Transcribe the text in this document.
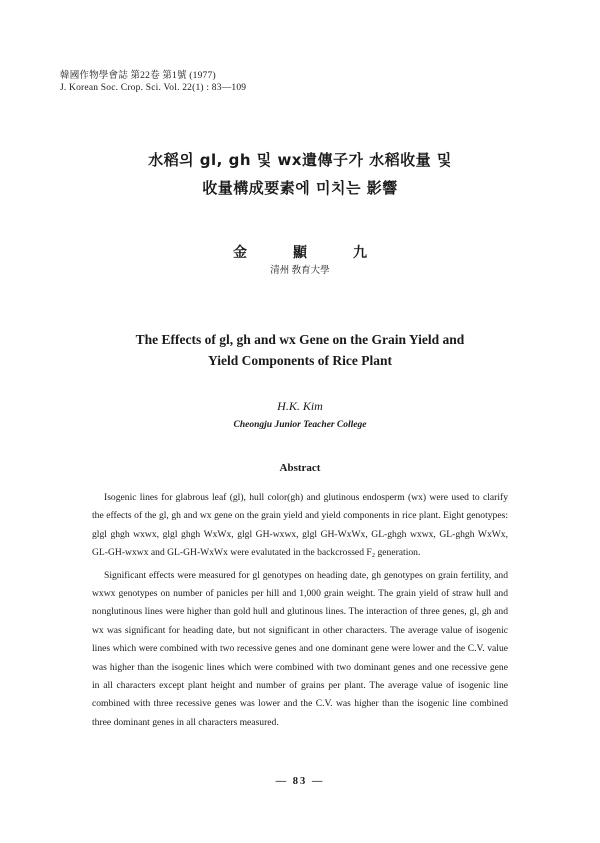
韓國作物學會誌 第22卷 第1號 (1977)
J. Korean Soc. Crop. Sci. Vol. 22(1) : 83—109
水稻의 gl, gh 및 wx遺傳子가 水稻收量 및
收量構成要素에 미치는 影響
金	顯	九
清州 敎育大學
The Effects of gl, gh and wx Gene on the Grain Yield and
Yield Components of Rice Plant
H.K. Kim
Cheongju Junior Teacher College
Abstract

Isogenic lines for glabrous leaf (gl), hull color(gh) and glutinous endosperm (wx) were used to clarify the effects of the gl, gh and wx gene on the grain yield and yield components in rice plant. Eight genotypes: glgl ghgh wxwx, glgl ghgh WxWx, glgl GH-wxwx, glgl GH-WxWx, GL-ghgh wxwx, GL-ghgh WxWx, GL-GH-wxwx and GL-GH-WxWx were evalutated in the backcrossed F₂ generation.

Significant effects were measured for gl genotypes on heading date, gh genotypes on grain fertility, and wxwx genotypes on number of panicles per hill and 1,000 grain weight. The grain yield of straw hull and nonglutinous lines were higher than gold hull and glutinous lines. The interaction of three genes, gl, gh and wx was significant for heading date, but not significant in other characters. The average value of isogenic lines which were combined with two recessive genes and one dominant gene were lower and the C.V. value was higher than the isogenic lines which were combined with two dominant genes and one recessive gene in all characters except plant height and number of grains per plant. The average value of isogenic line combined with three recessive genes was lower and the C.V. was higher than the isogenic line combined three dominant genes in all characters measured.

— 83 —
